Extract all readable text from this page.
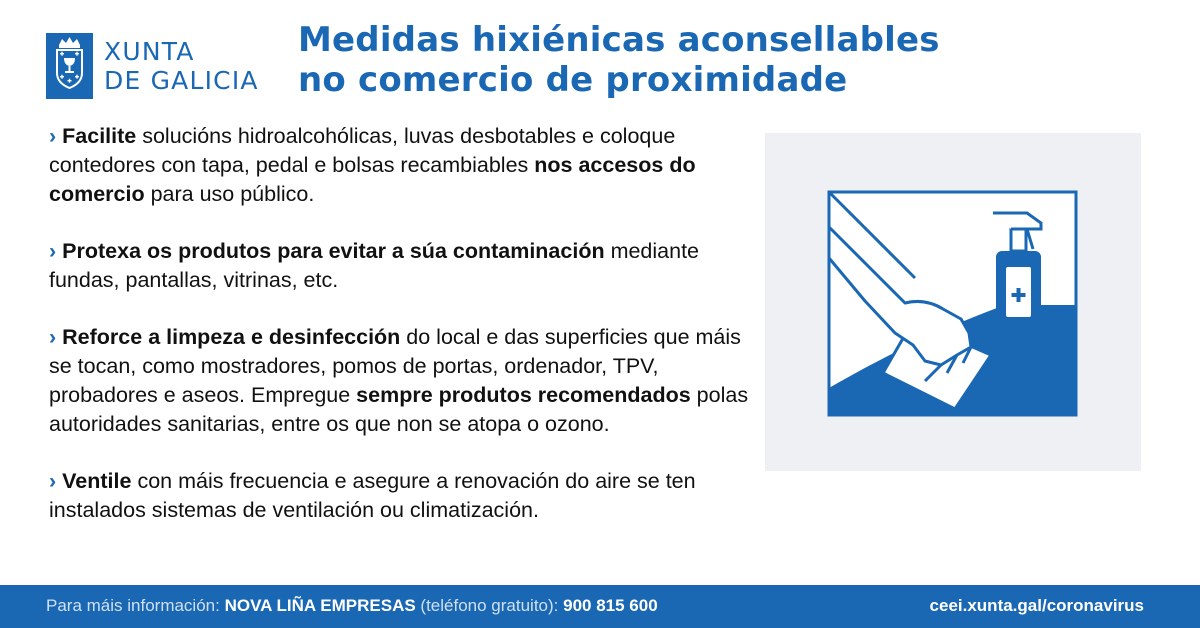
XUNTA
DE GALICIA
Medidas hixiénicas aconsellables
no comercio de proximidade

› Facilite solucións hidroalcohólicas, luvas desbotables e coloque contedores con tapa, pedal e bolsas recambiables nos accesos do comercio para uso público.

› Protexa os produtos para evitar a súa contaminación mediante fundas, pantallas, vitrinas, etc.

› Reforce a limpeza e desinfección do local e das superficies que máis se tocan, como mostradores, pomos de portas, ordenador, TPV, probadores e aseos. Empregue sempre produtos recomendados polas autoridades sanitarias, entre os que non se atopa o ozono.

› Ventile con máis frecuencia e asegure a renovación do aire se ten instalados sistemas de ventilación ou climatización.

Para máis información: NOVA LIÑA EMPRESAS (teléfono gratuito): 900 815 600	ceei.xunta.gal/coronavirus
